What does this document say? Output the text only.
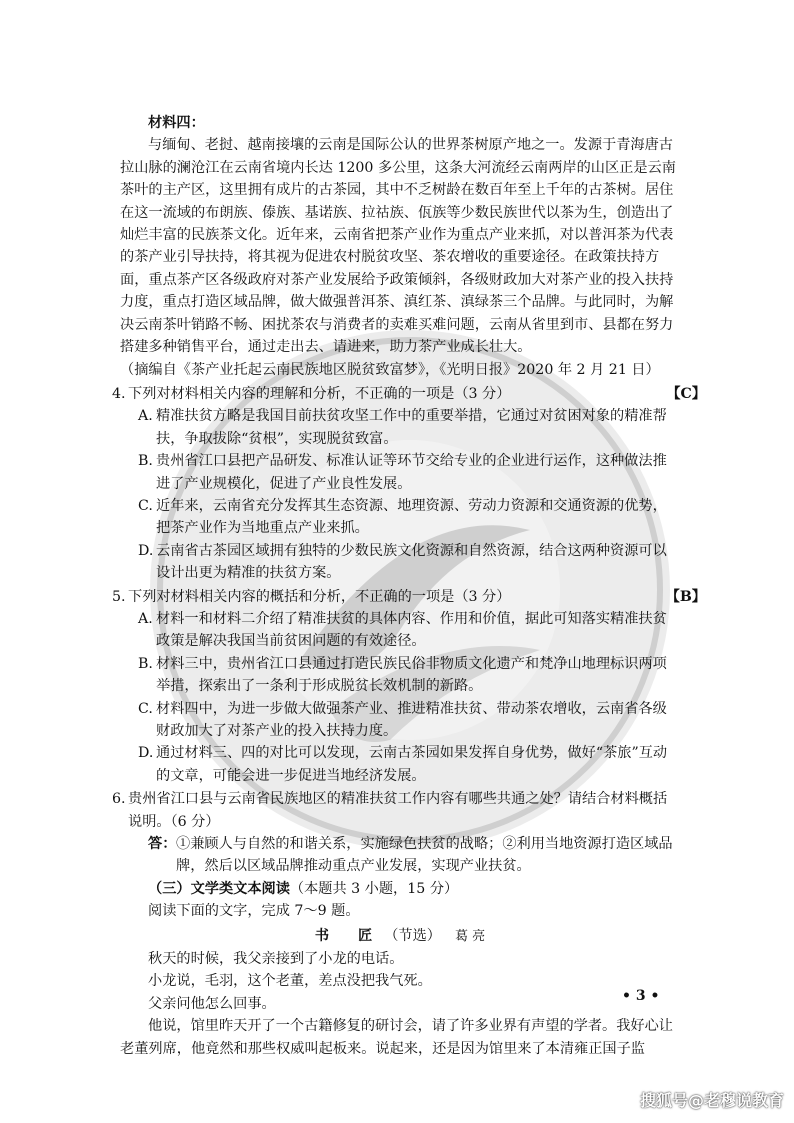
材料四：

与缅甸、老挝、越南接壤的云南是国际公认的世界茶树原产地之一。发源于青海唐古拉山脉的澜沧江在云南省境内长达 1200 多公里，这条大河流经云南两岸的山区正是云南茶叶的主产区，这里拥有成片的古茶园，其中不乏树龄在数百年至上千年的古茶树。居住在这一流域的布朗族、傣族、基诺族、拉祜族、佤族等少数民族世代以茶为生，创造出了灿烂丰富的民族茶文化。近年来，云南省把茶产业作为重点产业来抓，对以普洱茶为代表的茶产业引导扶持，将其视为促进农村脱贫攻坚、茶农增收的重要途径。在政策扶持方面，重点茶产区各级政府对茶产业发展给予政策倾斜，各级财政加大对茶产业的投入扶持力度，重点打造区域品牌，做大做强普洱茶、滇红茶、滇绿茶三个品牌。与此同时，为解决云南茶叶销路不畅、困扰茶农与消费者的卖难买难问题，云南从省里到市、县都在努力搭建多种销售平台，通过走出去、请进来，助力茶产业成长壮大。

（摘编自《茶产业托起云南民族地区脱贫致富梦》，《光明日报》2020 年 2 月 21 日）

4. 下列对材料相关内容的理解和分析，不正确的一项是（3 分）	【C】

A. 精准扶贫方略是我国目前扶贫攻坚工作中的重要举措，它通过对贫困对象的精准帮扶，争取拔除“贫根”，实现脱贫致富。

B. 贵州省江口县把产品研发、标准认证等环节交给专业的企业进行运作，这种做法推进了产业规模化，促进了产业良性发展。

C. 近年来，云南省充分发挥其生态资源、地理资源、劳动力资源和交通资源的优势，把茶产业作为当地重点产业来抓。

D. 云南省古茶园区域拥有独特的少数民族文化资源和自然资源，结合这两种资源可以设计出更为精准的扶贫方案。

5. 下列对材料相关内容的概括和分析，不正确的一项是（3 分）	【B】

A. 材料一和材料二介绍了精准扶贫的具体内容、作用和价值，据此可知落实精准扶贫政策是解决我国当前贫困问题的有效途径。

B. 材料三中，贵州省江口县通过打造民族民俗非物质文化遗产和梵净山地理标识两项举措，探索出了一条利于形成脱贫长效机制的新路。

C. 材料四中，为进一步做大做强茶产业、推进精准扶贫、带动茶农增收，云南省各级财政加大了对茶产业的投入扶持力度。

D. 通过材料三、四的对比可以发现，云南古茶园如果发挥自身优势，做好“茶旅”互动的文章，可能会进一步促进当地经济发展。

6. 贵州省江口县与云南省民族地区的精准扶贫工作内容有哪些共通之处？请结合材料概括说明。（6 分）

答：①兼顾人与自然的和谐关系，实施绿色扶贫的战略；②利用当地资源打造区域品牌，然后以区域品牌推动重点产业发展，实现产业扶贫。

（三）文学类文本阅读（本题共 3 小题，15 分）

阅读下面的文字，完成 7～9 题。

书 匠（节选） 葛 亮

秋天的时候，我父亲接到了小龙的电话。

小龙说，毛羽，这个老董，差点没把我气死。

父亲问他怎么回事。

他说，馆里昨天开了一个古籍修复的研讨会，请了许多业界有声望的学者。我好心让老董列席，他竟然和那些权威叫起板来。说起来，还是因为馆里来了本清雍正国子监

• 3 •
搜狐号@老穆说教育
